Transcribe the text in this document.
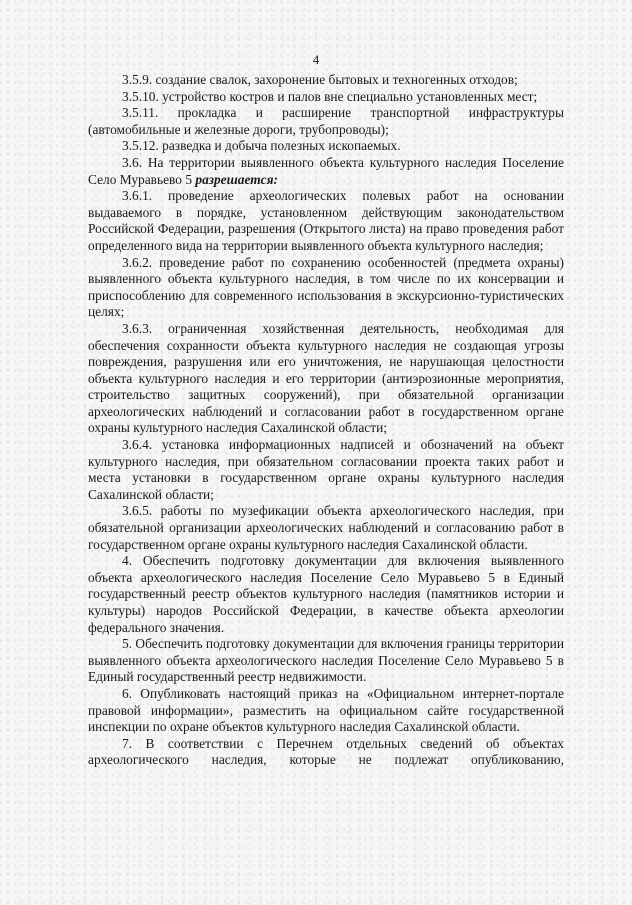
4

3.5.9. создание свалок, захоронение бытовых и техногенных отходов;

3.5.10. устройство костров и палов вне специально установленных мест;

3.5.11. прокладка и расширение транспортной инфраструктуры (автомобильные и железные дороги, трубопроводы);

3.5.12. разведка и добыча полезных ископаемых.

3.6. На территории выявленного объекта культурного наследия Поселение Село Муравьево 5 разрешается:

3.6.1. проведение археологических полевых работ на основании выдаваемого в порядке, установленном действующим законодательством Российской Федерации, разрешения (Открытого листа) на право проведения работ определенного вида на территории выявленного объекта культурного наследия;

3.6.2. проведение работ по сохранению особенностей (предмета охраны) выявленного объекта культурного наследия, в том числе по их консервации и приспособлению для современного использования в экскурсионно-туристических целях;

3.6.3. ограниченная хозяйственная деятельность, необходимая для обеспечения сохранности объекта культурного наследия не создающая угрозы повреждения, разрушения или его уничтожения, не нарушающая целостности объекта культурного наследия и его территории (антиэрозионные мероприятия, строительство защитных сооружений), при обязательной организации археологических наблюдений и согласовании работ в государственном органе охраны культурного наследия Сахалинской области;

3.6.4. установка информационных надписей и обозначений на объект культурного наследия, при обязательном согласовании проекта таких работ и места установки в государственном органе охраны культурного наследия Сахалинской области;

3.6.5. работы по музефикации объекта археологического наследия, при обязательной организации археологических наблюдений и согласованию работ в государственном органе охраны культурного наследия Сахалинской области.

4. Обеспечить подготовку документации для включения выявленного объекта археологического наследия Поселение Село Муравьево 5 в Единый государственный реестр объектов культурного наследия (памятников истории и культуры) народов Российской Федерации, в качестве объекта археологии федерального значения.

5. Обеспечить подготовку документации для включения границы территории выявленного объекта археологического наследия Поселение Село Муравьево 5 в Единый государственный реестр недвижимости.

6. Опубликовать настоящий приказ на «Официальном интернет-портале правовой информации», разместить на официальном сайте государственной инспекции по охране объектов культурного наследия Сахалинской области.

7. В соответствии с Перечнем отдельных сведений об объектах археологического наследия, которые не подлежат опубликованию,
